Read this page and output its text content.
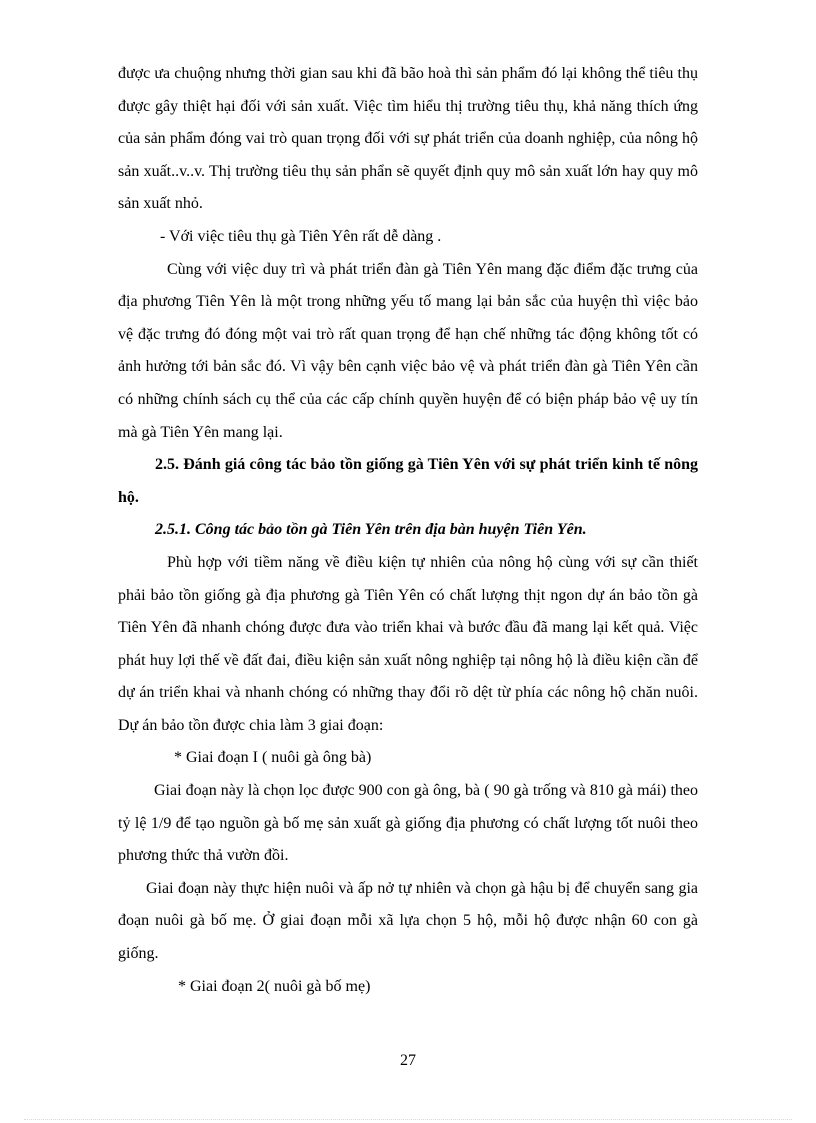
được ưa chuộng nhưng thời gian sau khi đã bão hoà thì sản phẩm đó lại không thể tiêu thụ được gây thiệt hại đối với sản xuất. Việc tìm hiểu thị trường tiêu thụ, khả năng thích ứng của sản phẩm đóng vai trò quan trọng đối với sự phát triển của doanh nghiệp, của nông hộ sản xuất..v..v. Thị trường tiêu thụ sản phẩn sẽ quyết định quy mô sản xuất lớn hay quy mô sản xuất nhỏ.

- Với việc tiêu thụ gà Tiên Yên rất dễ dàng .

Cùng với việc duy trì và phát triển đàn gà Tiên Yên mang đặc điểm đặc trưng của địa phương Tiên Yên là một trong những yếu tố mang lại bản sắc của huyện thì việc bảo vệ đặc trưng đó đóng một vai trò rất quan trọng để hạn chế những tác động không tốt có ảnh hưởng tới bản sắc đó. Vì vậy bên cạnh việc bảo vệ và phát triển đàn gà Tiên Yên cần có những chính sách cụ thể của các cấp chính quyền huyện để có biện pháp bảo vệ uy tín mà gà Tiên Yên mang lại.

2.5. Đánh giá công tác bảo tồn giống gà Tiên Yên với sự phát triển kinh tế nông hộ.

2.5.1. Công tác bảo tồn gà Tiên Yên trên địa bàn huyện Tiên Yên.

Phù hợp với tiềm năng về điều kiện tự nhiên của nông hộ cùng với sự cần thiết phải bảo tồn giống gà địa phương gà Tiên Yên có chất lượng thịt ngon dự án bảo tồn gà Tiên Yên đã nhanh chóng được đưa vào triển khai và bước đầu đã mang lại kết quả. Việc phát huy lợi thế về đất đai, điều kiện sản xuất nông nghiệp tại nông hộ là điều kiện cần để dự án triển khai và nhanh chóng có những thay đổi rõ dệt từ phía các nông hộ chăn nuôi. Dự án bảo tồn được chia làm 3 giai đoạn:

* Giai đoạn I ( nuôi gà ông bà)

Giai đoạn này là chọn lọc được 900 con gà ông, bà ( 90 gà trống và 810 gà mái) theo tỷ lệ 1/9 để tạo nguồn gà bố mẹ sản xuất gà giống địa phương có chất lượng tốt nuôi theo phương thức thả vườn đồi.

Giai đoạn này thực hiện nuôi và ấp nở tự nhiên và chọn gà hậu bị để chuyển sang gia đoạn nuôi gà bố mẹ. Ở giai đoạn mỗi xã lựa chọn 5 hộ, mỗi hộ được nhận 60 con gà giống.

* Giai đoạn 2( nuôi gà bố mẹ)

27
